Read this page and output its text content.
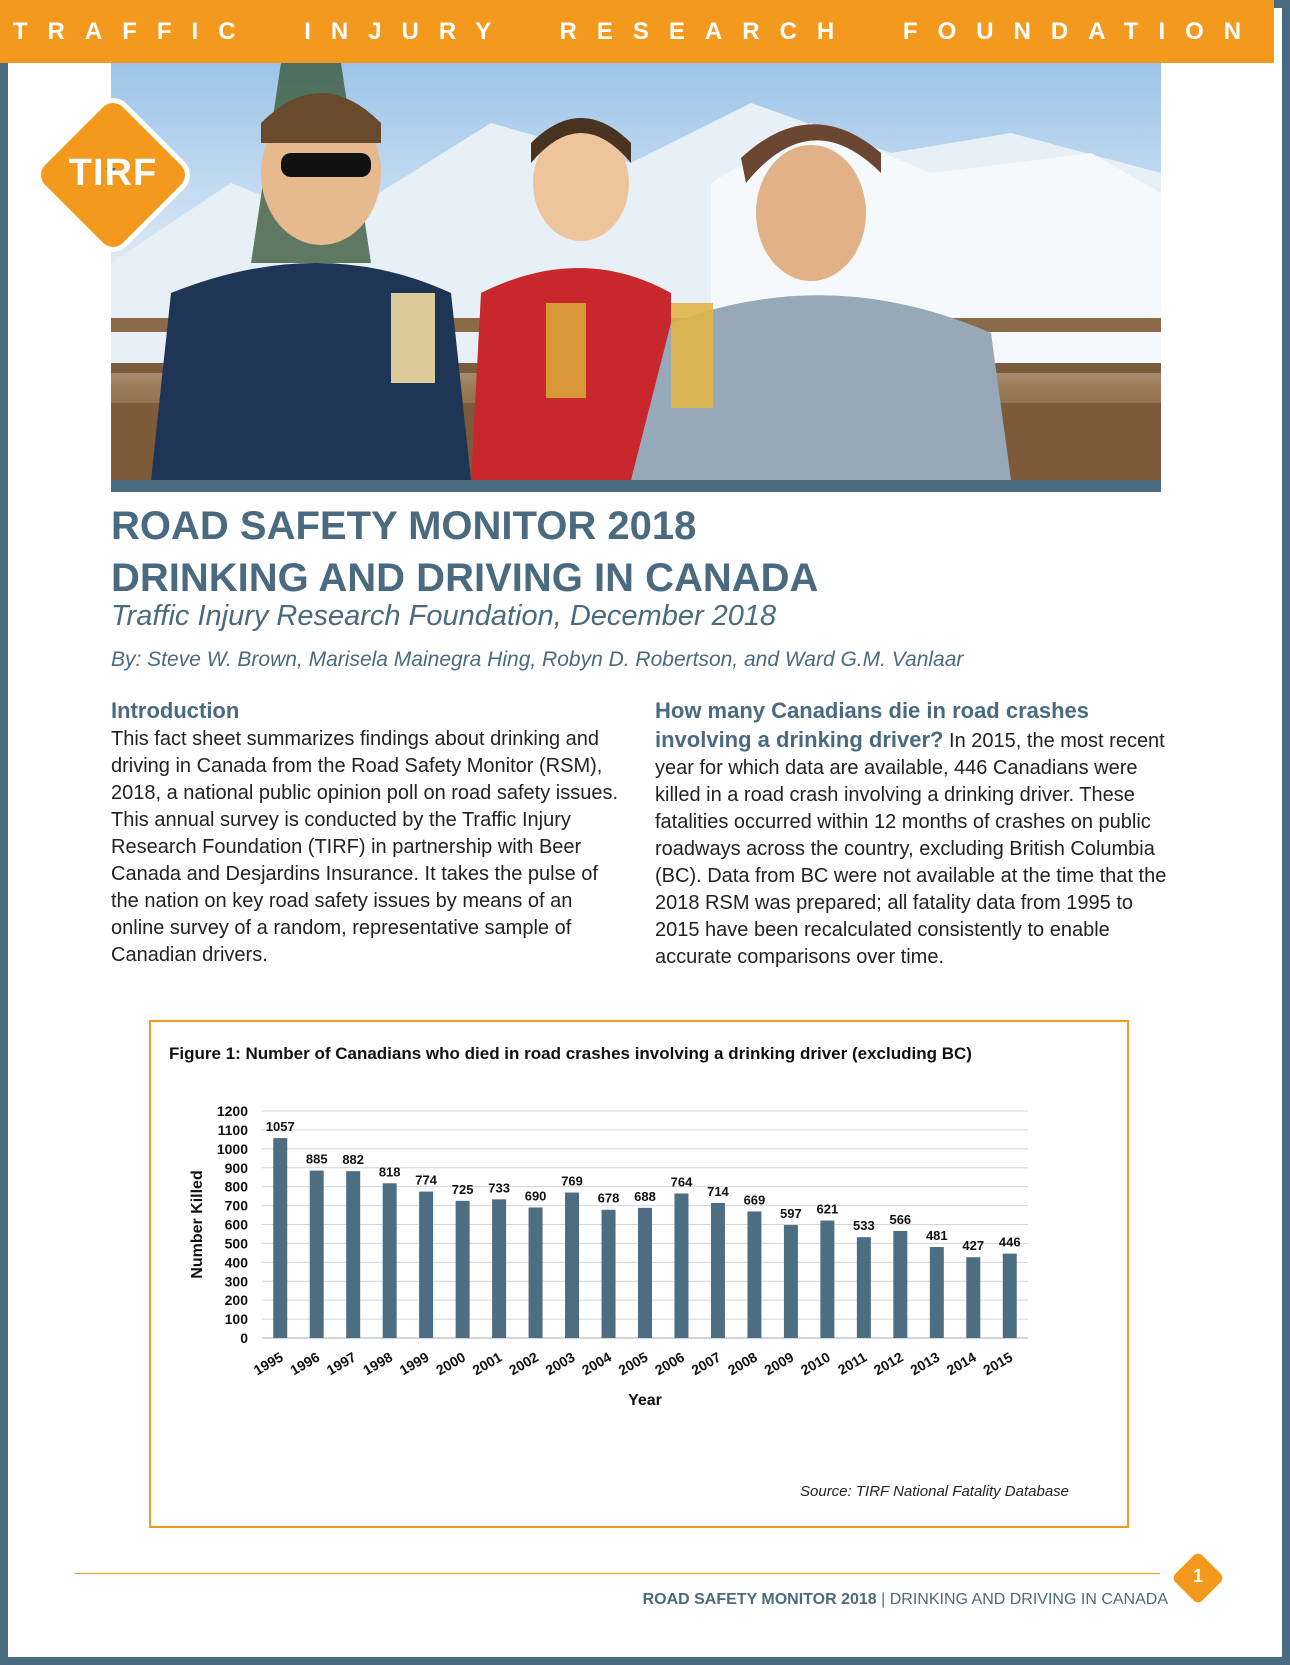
TRAFFIC INJURY RESEARCH FOUNDATION
TIRF
ROAD SAFETY MONITOR 2018
DRINKING AND DRIVING IN CANADA
Traffic Injury Research Foundation, December 2018
By: Steve W. Brown, Marisela Mainegra Hing, Robyn D. Robertson, and Ward G.M. Vanlaar
Introduction
This fact sheet summarizes findings about drinking and driving in Canada from the Road Safety Monitor (RSM), 2018, a national public opinion poll on road safety issues. This annual survey is conducted by the Traffic Injury Research Foundation (TIRF) in partnership with Beer Canada and Desjardins Insurance. It takes the pulse of the nation on key road safety issues by means of an online survey of a random, representative sample of Canadian drivers.
How many Canadians die in road crashes involving a drinking driver? In 2015, the most recent year for which data are available, 446 Canadians were killed in a road crash involving a drinking driver. These fatalities occurred within 12 months of crashes on public roadways across the country, excluding British Columbia (BC). Data from BC were not available at the time that the 2018 RSM was prepared; all fatality data from 1995 to 2015 have been recalculated consistently to enable accurate comparisons over time.
Figure 1: Number of Canadians who died in road crashes involving a drinking driver (excluding BC)
0
100
200
300
400
500
600
700
800
900
1000
1100
1200
1057
1995
885
1996
882
1997
818
1998
774
1999
725
2000
733
2001
690
2002
769
2003
678
2004
688
2005
764
2006
714
2007
669
2008
597
2009
621
2010
533
2011
566
2012
481
2013
427
2014
446
2015
Number Killed
Year
Source: TIRF National Fatality Database
1
ROAD SAFETY MONITOR 2018 | DRINKING AND DRIVING IN CANADA
